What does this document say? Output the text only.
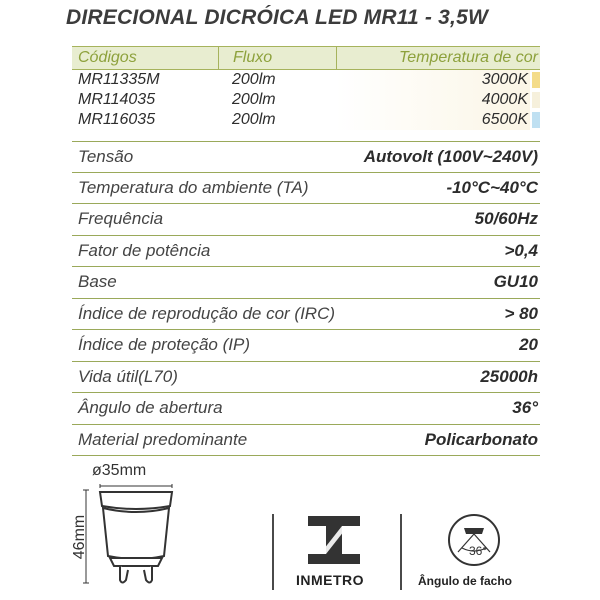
DIRECIONAL DICRÓICA LED MR11 - 3,5W
Códigos	Fluxo	Temperatura de cor
MR11335M	200lm	3000K
MR114035	200lm	4000K
MR116035	200lm	6500K
Tensão	Autovolt (100V~240V)
Temperatura do ambiente (TA)	-10°C~40°C
Frequência	50/60Hz
Fator de potência	>0,4
Base	GU10
Índice de reprodução de cor (IRC)	> 80
Índice de proteção (IP)	20
Vida útil(L70)	25000h
Ângulo de abertura	36°
Material predominante	Policarbonato
ø35mm
46mm
INMETRO
36°
Ângulo de facho
